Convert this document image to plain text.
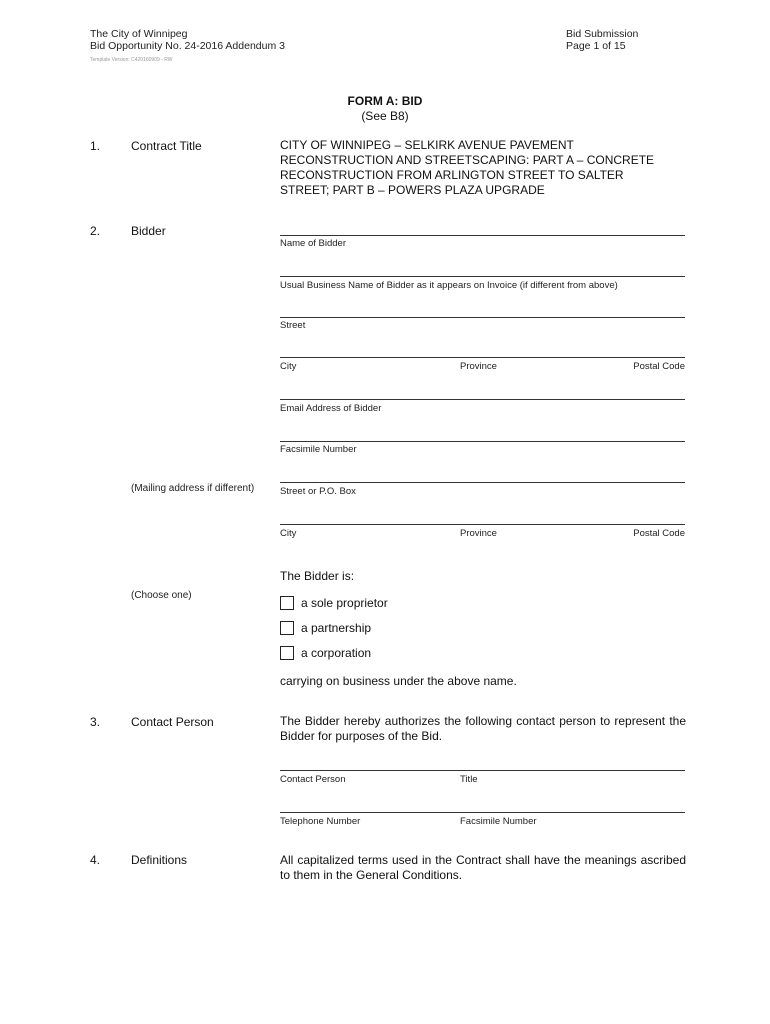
The City of Winnipeg
Bid Opportunity No. 24-2016 Addendum 3
Template Version: C420160909 - RW
Bid Submission
Page 1 of 15
FORM A: BID
(See B8)
1.	Contract Title	CITY OF WINNIPEG – SELKIRK AVENUE PAVEMENT
RECONSTRUCTION AND STREETSCAPING: PART A – CONCRETE
RECONSTRUCTION FROM ARLINGTON STREET TO SALTER
STREET; PART B – POWERS PLAZA UPGRADE
2.	Bidder
Name of Bidder
Usual Business Name of Bidder as it appears on Invoice (if different from above)
Street
City	Province	Postal Code
Email Address of Bidder
Facsimile Number
(Mailing address if different)	Street or P.O. Box
City	Province	Postal Code
The Bidder is:
(Choose one)
a sole proprietor
a partnership
a corporation
carrying on business under the above name.
3.	Contact Person	The Bidder hereby authorizes the following contact person to represent the Bidder for purposes of the Bid.
Contact Person	Title
Telephone Number	Facsimile Number
4.	Definitions	All capitalized terms used in the Contract shall have the meanings ascribed to them in the General Conditions.
